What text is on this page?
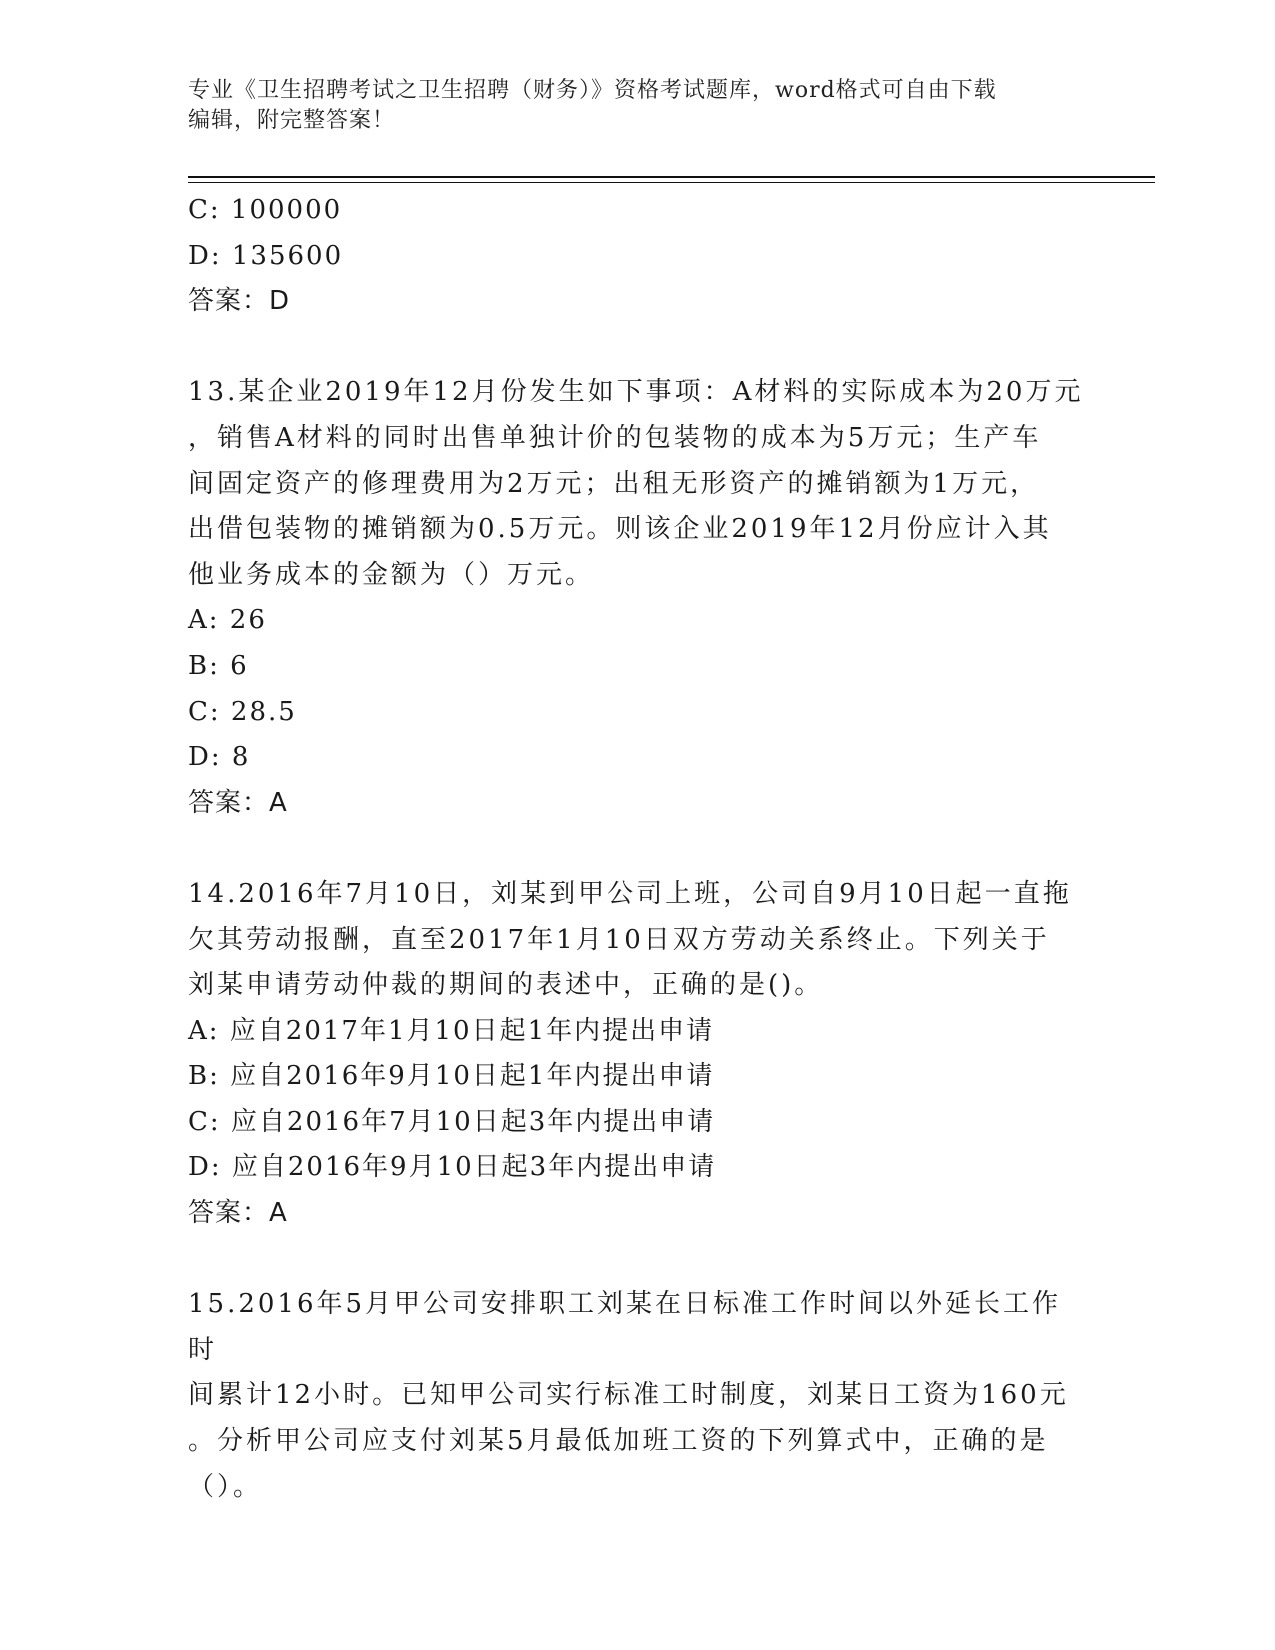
专业《卫生招聘考试之卫生招聘（财务）》资格考试题库，word格式可自由下载
编辑，附完整答案！

C: 100000

D: 135600

答案：D

13.某企业2019年12月份发生如下事项：A材料的实际成本为20万元

，销售A材料的同时出售单独计价的包装物的成本为5万元；生产车

间固定资产的修理费用为2万元；出租无形资产的摊销额为1万元，

出借包装物的摊销额为0.5万元。则该企业2019年12月份应计入其

他业务成本的金额为（）万元。

A: 26

B: 6

C: 28.5

D: 8

答案：A

14.2016年7月10日，刘某到甲公司上班，公司自9月10日起一直拖

欠其劳动报酬，直至2017年1月10日双方劳动关系终止。下列关于

刘某申请劳动仲裁的期间的表述中，正确的是()。

A: 应自2017年1月10日起1年内提出申请

B: 应自2016年9月10日起1年内提出申请

C: 应自2016年7月10日起3年内提出申请

D: 应自2016年9月10日起3年内提出申请

答案：A

15.2016年5月甲公司安排职工刘某在日标准工作时间以外延长工作时

间累计12小时。已知甲公司实行标准工时制度，刘某日工资为160元

。分析甲公司应支付刘某5月最低加班工资的下列算式中，正确的是

（）。
